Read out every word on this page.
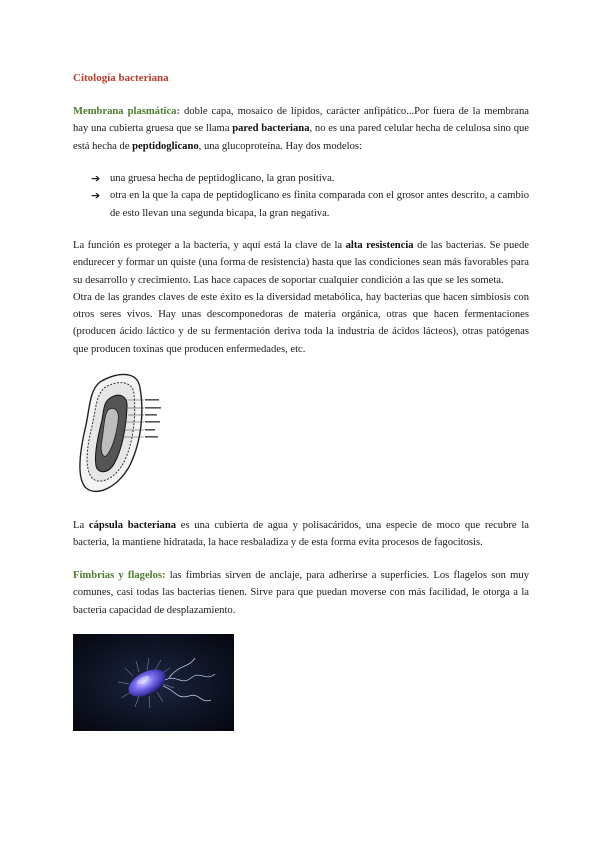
Citología bacteriana

Membrana plasmática: doble capa, mosaico de lípidos, carácter anfipático...Por fuera de la membrana hay una cubierta gruesa que se llama pared bacteriana, no es una pared celular hecha de celulosa sino que está hecha de peptidoglicano, una glucoproteína. Hay dos modelos:

➔ una gruesa hecha de peptidoglicano, la gran positiva.
➔ otra en la que la capa de peptidoglicano es finita comparada con el grosor antes descrito, a cambio de esto llevan una segunda bicapa, la gran negativa.

La función es proteger a la bacteria, y aquí está la clave de la alta resistencia de las bacterias. Se puede endurecer y formar un quiste (una forma de resistencia) hasta que las condiciones sean más favorables para su desarrollo y crecimiento. Las hace capaces de soportar cualquier condición a las que se les someta.
Otra de las grandes claves de este éxito es la diversidad metabólica, hay bacterias que hacen simbiosis con otros seres vivos. Hay unas descomponedoras de materia orgánica, otras que hacen fermentaciones (producen ácido láctico y de su fermentación deriva toda la industria de ácidos lácteos), otras patógenas que producen toxinas que producen enfermedades, etc.

La cápsula bacteriana es una cubierta de agua y polisacáridos, una especie de moco que recubre la bacteria, la mantiene hidratada, la hace resbaladiza y de esta forma evita procesos de fagocitosis.

Fimbrias y flagelos: las fimbrias sirven de anclaje, para adherirse a superficies. Los flagelos son muy comunes, casi todas las bacterias tienen. Sirve para que puedan moverse con más facilidad, le otorga a la bacteria capacidad de desplazamiento.
